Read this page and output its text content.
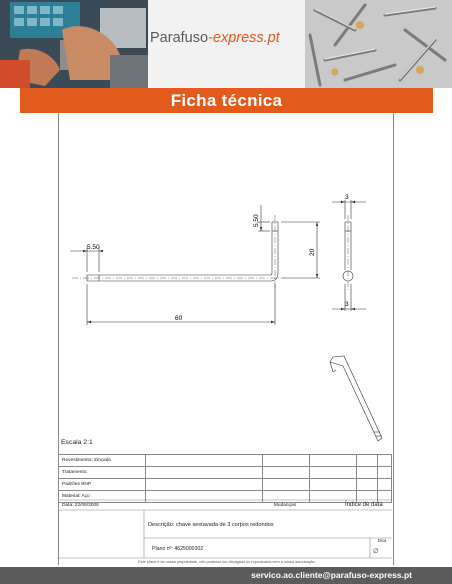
Parafuso-express.pt
Ficha técnica
5.50
60
5.50
20
3
3
Escala 2:1
Revestimento: Zincado					
Tratamento:					
Padrões BNP					
Material: Aço					
Data: 22/06/2006	Mudanças	Índice de data
Descrição: chave sextavada de 3 corpos redondos
Plano nº: 4625000302
Dica
∅
Este plano é de nossa propriedade, não podendo ser divulgado ou reproduzido sem a nossa autorização.
servico.ao.cliente@parafuso-express.pt
